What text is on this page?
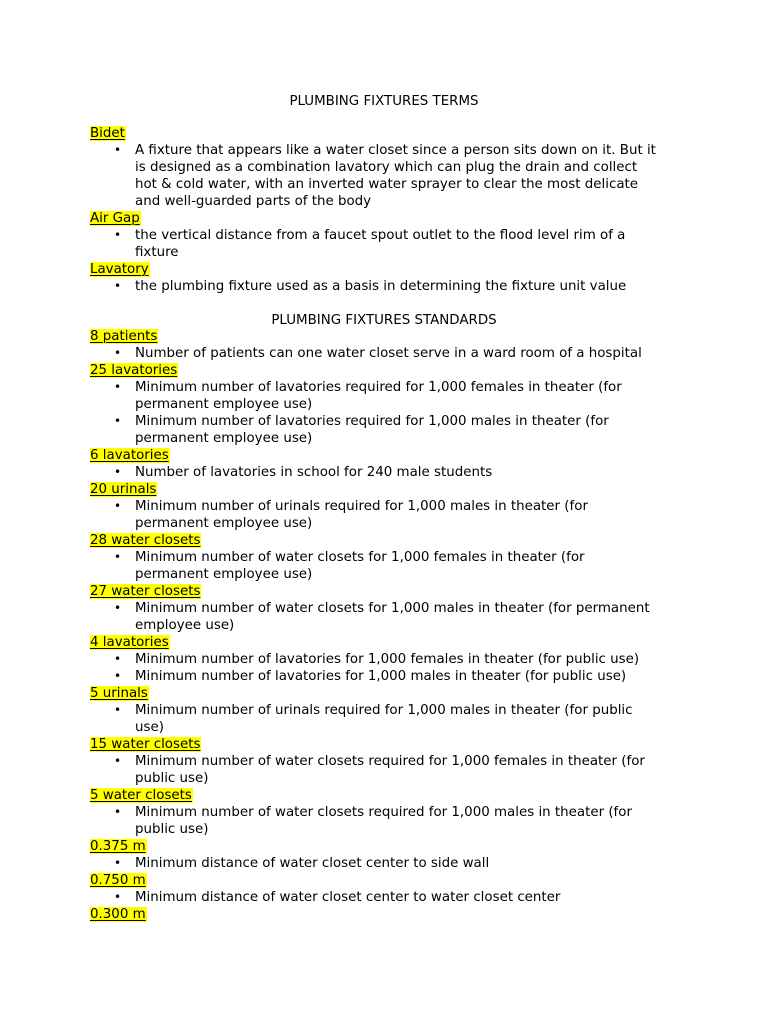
PLUMBING FIXTURES TERMS
Bidet
• A fixture that appears like a water closet since a person sits down on it. But it
is designed as a combination lavatory which can plug the drain and collect
hot & cold water, with an inverted water sprayer to clear the most delicate
and well-guarded parts of the body
Air Gap
• the vertical distance from a faucet spout outlet to the flood level rim of a
fixture
Lavatory
• the plumbing fixture used as a basis in determining the fixture unit value
PLUMBING FIXTURES STANDARDS
8 patients
• Number of patients can one water closet serve in a ward room of a hospital
25 lavatories
• Minimum number of lavatories required for 1,000 females in theater (for
permanent employee use)
• Minimum number of lavatories required for 1,000 males in theater (for
permanent employee use)
6 lavatories
• Number of lavatories in school for 240 male students
20 urinals
• Minimum number of urinals required for 1,000 males in theater (for
permanent employee use)
28 water closets
• Minimum number of water closets for 1,000 females in theater (for
permanent employee use)
27 water closets
• Minimum number of water closets for 1,000 males in theater (for permanent
employee use)
4 lavatories
• Minimum number of lavatories for 1,000 females in theater (for public use)
• Minimum number of lavatories for 1,000 males in theater (for public use)
5 urinals
• Minimum number of urinals required for 1,000 males in theater (for public
use)
15 water closets
• Minimum number of water closets required for 1,000 females in theater (for
public use)
5 water closets
• Minimum number of water closets required for 1,000 males in theater (for
public use)
0.375 m
• Minimum distance of water closet center to side wall
0.750 m
• Minimum distance of water closet center to water closet center
0.300 m
